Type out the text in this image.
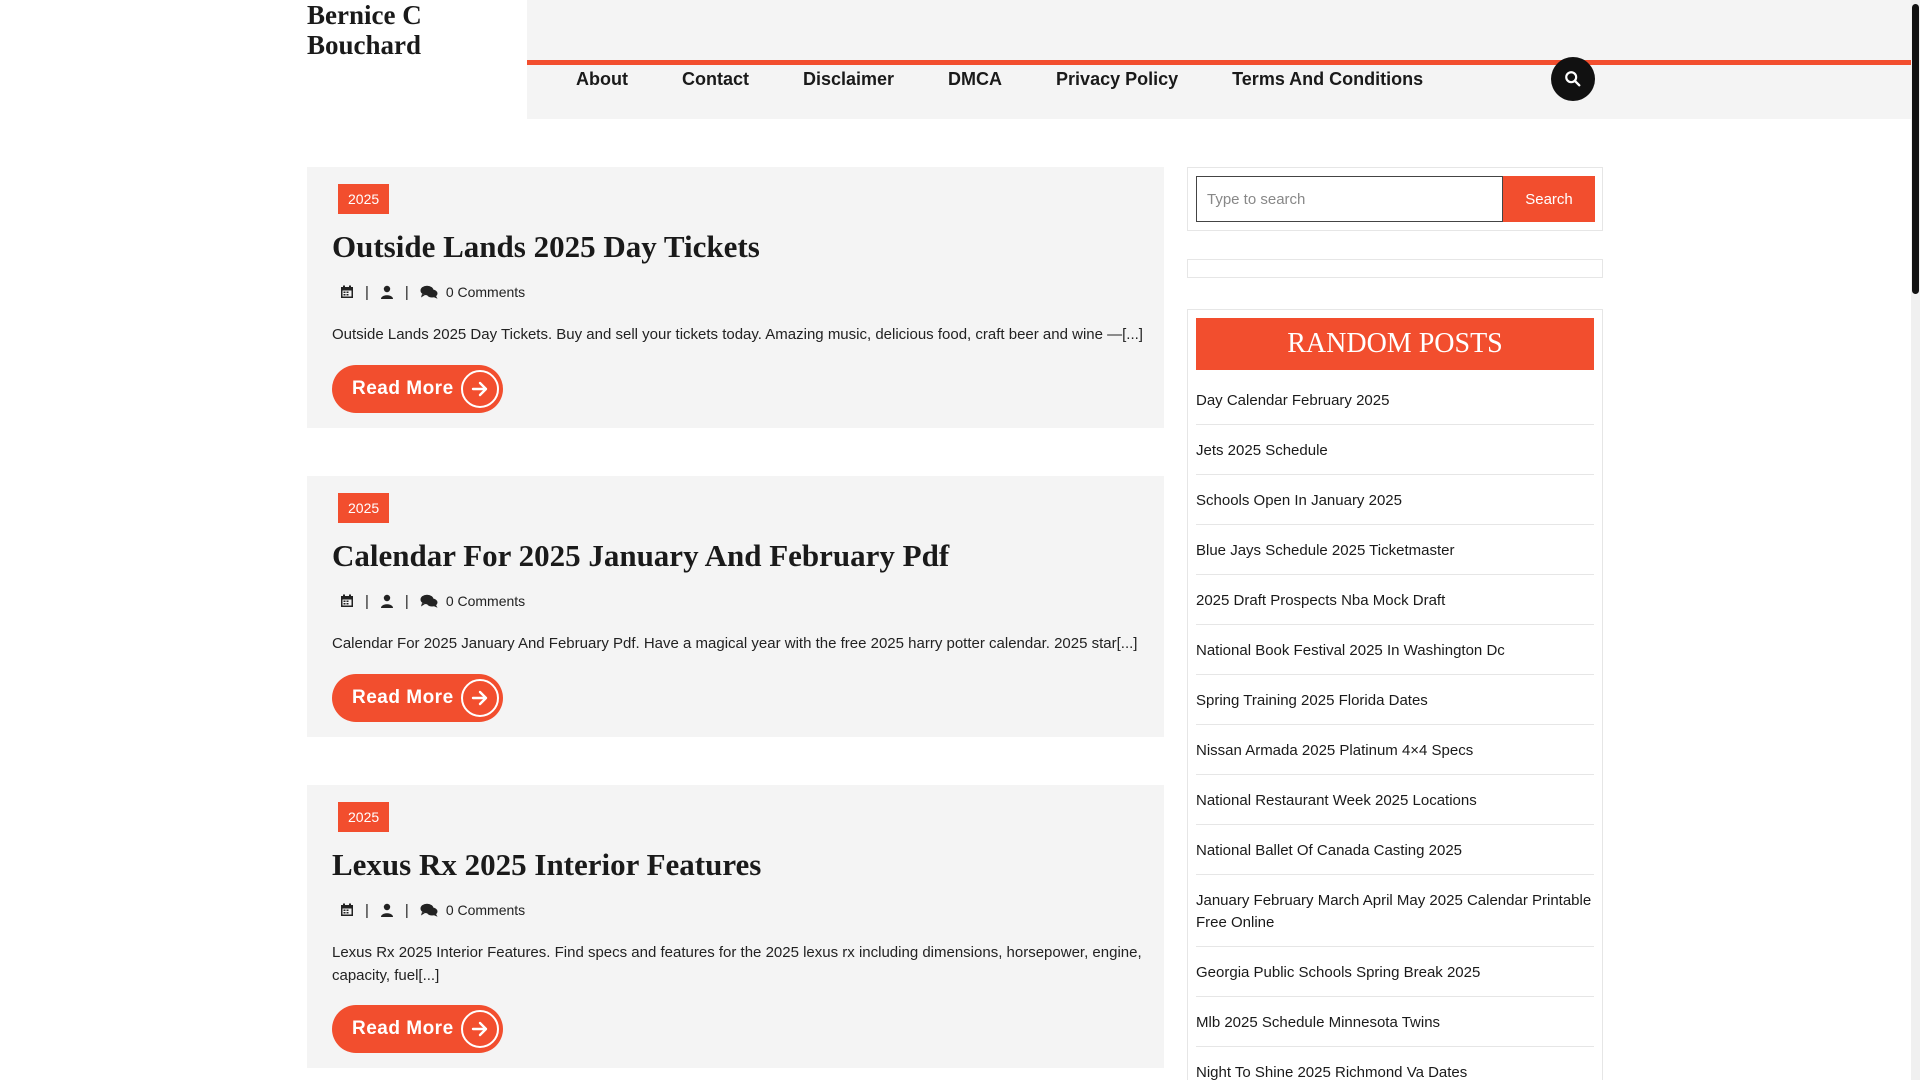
Bernice C Bouchard
About	Contact	Disclaimer	DMCA	Privacy Policy	Terms And Conditions
2025
Outside Lands 2025 Day Tickets
| |	0 Comments

Outside Lands 2025 Day Tickets. Buy and sell your tickets today. Amazing music, delicious food, craft beer and wine —[...]

Read More
2025
Calendar For 2025 January And February Pdf
| |	0 Comments

Calendar For 2025 January And February Pdf. Have a magical year with the free 2025 harry potter calendar. 2025 star[...]

Read More
2025
Lexus Rx 2025 Interior Features
| |	0 Comments

Lexus Rx 2025 Interior Features. Find specs and features for the 2025 lexus rx including dimensions, horsepower, engine, capacity, fuel[...]

Read More
Type to search
Search
RANDOM POSTS
Day Calendar February 2025
Jets 2025 Schedule
Schools Open In January 2025
Blue Jays Schedule 2025 Ticketmaster
2025 Draft Prospects Nba Mock Draft
National Book Festival 2025 In Washington Dc
Spring Training 2025 Florida Dates
Nissan Armada 2025 Platinum 4×4 Specs
National Restaurant Week 2025 Locations
National Ballet Of Canada Casting 2025
January February March April May 2025 Calendar Printable Free Online
Georgia Public Schools Spring Break 2025
Mlb 2025 Schedule Minnesota Twins
Night To Shine 2025 Richmond Va Dates
